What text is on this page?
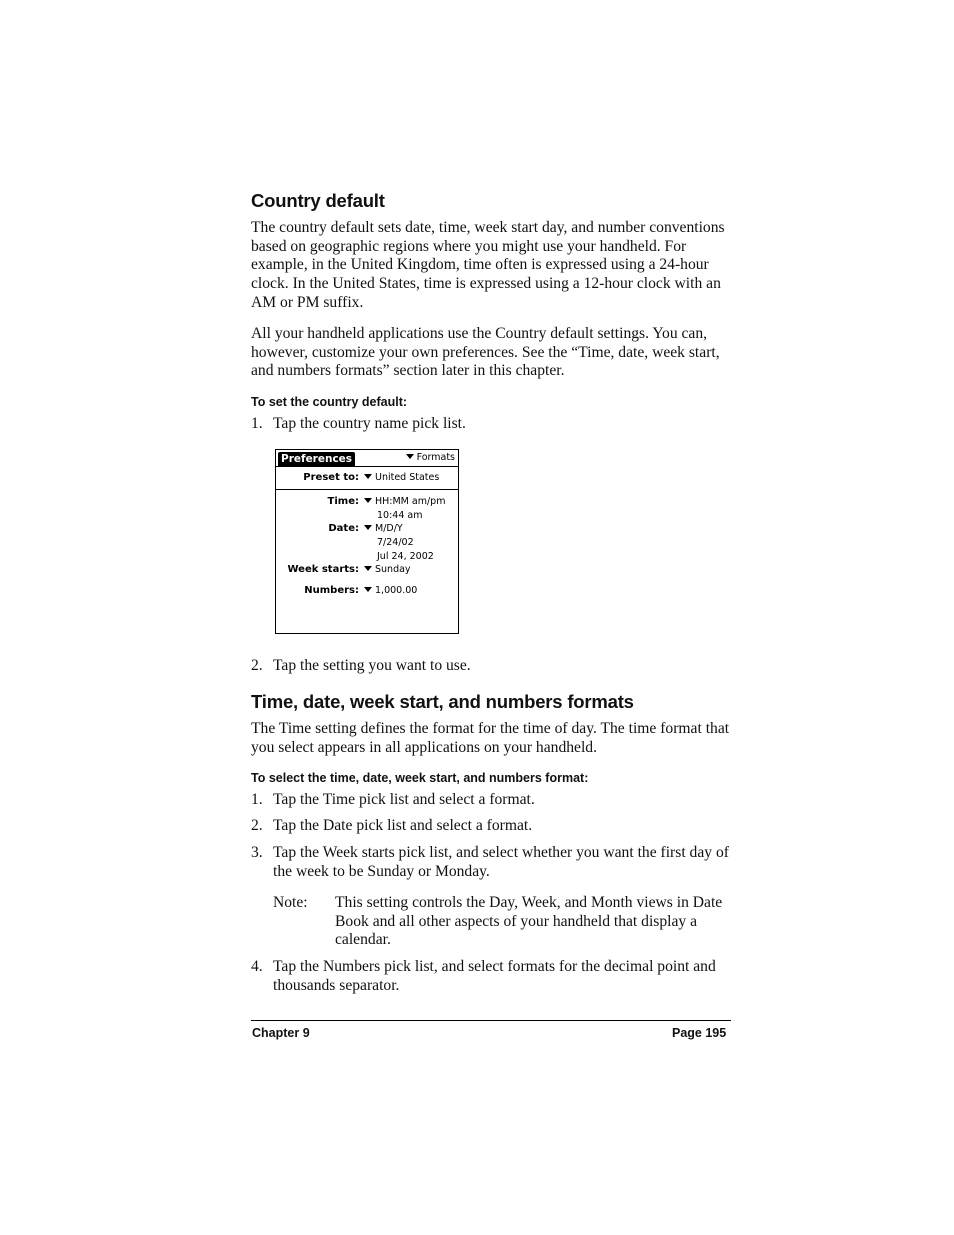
Country default

The country default sets date, time, week start day, and number conventions based on geographic regions where you might use your handheld. For example, in the United Kingdom, time often is expressed using a 24-hour clock. In the United States, time is expressed using a 12-hour clock with an AM or PM suffix.

All your handheld applications use the Country default settings. You can, however, customize your own preferences. See the “Time, date, week start, and numbers formats” section later in this chapter.

To set the country default:

1. Tap the country name pick list.
Preferences	Formats
Preset to:	United States
Time:	HH:MM am/pm
10:44 am
Date:	M/D/Y
7/24/02
Jul 24, 2002
Week starts:	Sunday
Numbers:	1,000.00
2. Tap the setting you want to use.
Time, date, week start, and numbers formats

The Time setting defines the format for the time of day. The time format that you select appears in all applications on your handheld.

To select the time, date, week start, and numbers format:

1. Tap the Time pick list and select a format.
2. Tap the Date pick list and select a format.
3. Tap the Week starts pick list, and select whether you want the first day of the week to be Sunday or Monday.
Note: This setting controls the Day, Week, and Month views in Date Book and all other aspects of your handheld that display a calendar.
4. Tap the Numbers pick list, and select formats for the decimal point and thousands separator.
Chapter 9	Page 195
